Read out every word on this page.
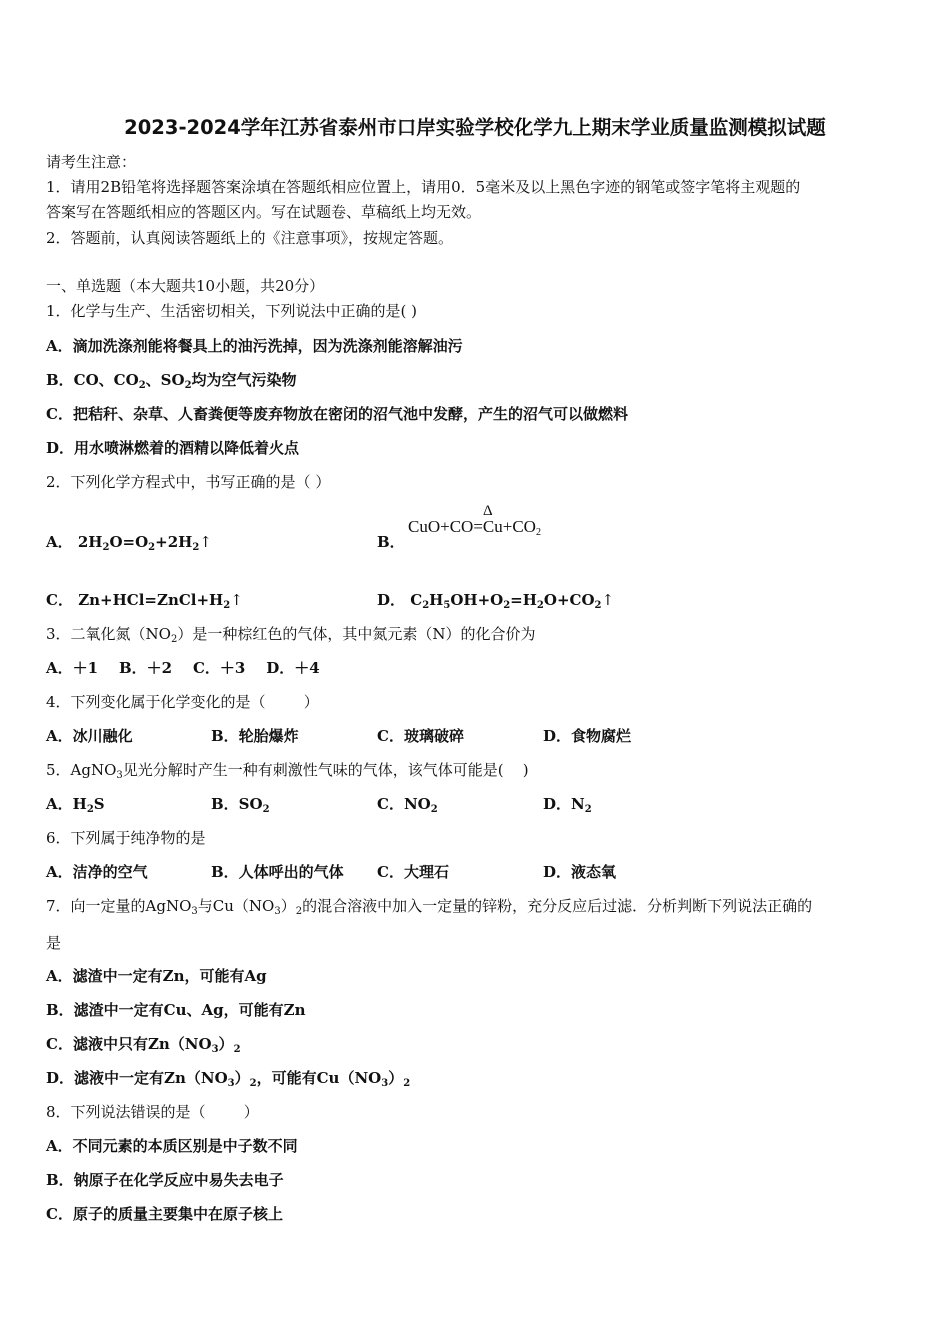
2023-2024学年江苏省泰州市口岸实验学校化学九上期末学业质量监测模拟试题
请考生注意：
1．请用2B铅笔将选择题答案涂填在答题纸相应位置上，请用0．5毫米及以上黑色字迹的钢笔或签字笔将主观题的
答案写在答题纸相应的答题区内。写在试题卷、草稿纸上均无效。
2．答题前，认真阅读答题纸上的《注意事项》，按规定答题。
一、单选题（本大题共10小题，共20分）
1．化学与生产、生活密切相关，下列说法中正确的是( )
A．滴加洗涤剂能将餐具上的油污洗掉，因为洗涤剂能溶解油污
B．CO、$CO_2$、$SO_2$均为空气污染物
C．把秸秆、杂草、人畜粪便等废弃物放在密闭的沼气池中发酵，产生的沼气可以做燃料
D．用水喷淋燃着的酒精以降低着火点
2．下列化学方程式中，书写正确的是（ ）
A． $2H_2O=O_2+2H_2↑$	B．
CuO+CO=
Δ
$Cu+CO_2$
C． $Zn+HCl=ZnCl+H_2↑$	D． $C_2H_5OH+O_2=H_2O+CO_2↑$
3．二氧化氮$(NO_2)$是一种棕红色的气体，其中氮元素（N）的化合价为
A．＋1    B．＋2    C．＋3    D．＋4
4．下列变化属于化学变化的是（        ）
A．冰川融化	B．轮胎爆炸	C．玻璃破碎	D．食物腐烂
5．AgNO$_3$见光分解时产生一种有刺激性气味的气体，该气体可能是(    )
A．$H_2S$	B．$SO_2$	C．$NO_2$	D．$N_2$
6．下列属于纯净物的是
A．洁净的空气	B．人体呼出的气体 C．大理石	D．液态氧
7．向一定量的AgNO$_3$与$Cu(NO_3)_2$的混合溶液中加入一定量的锌粉，充分反应后过滤．分析判断下列说法正确的
是
A．滤渣中一定有Zn，可能有Ag
B．滤渣中一定有Cu、Ag，可能有Zn
C．滤液中只有$Zn(NO_3)_2$
D．滤液中一定有$Zn(NO_3)_2$，可能有$Cu(NO_3)_2$
8．下列说法错误的是（        ）
A．不同元素的本质区别是中子数不同
B．钠原子在化学反应中易失去电子
C．原子的质量主要集中在原子核上
